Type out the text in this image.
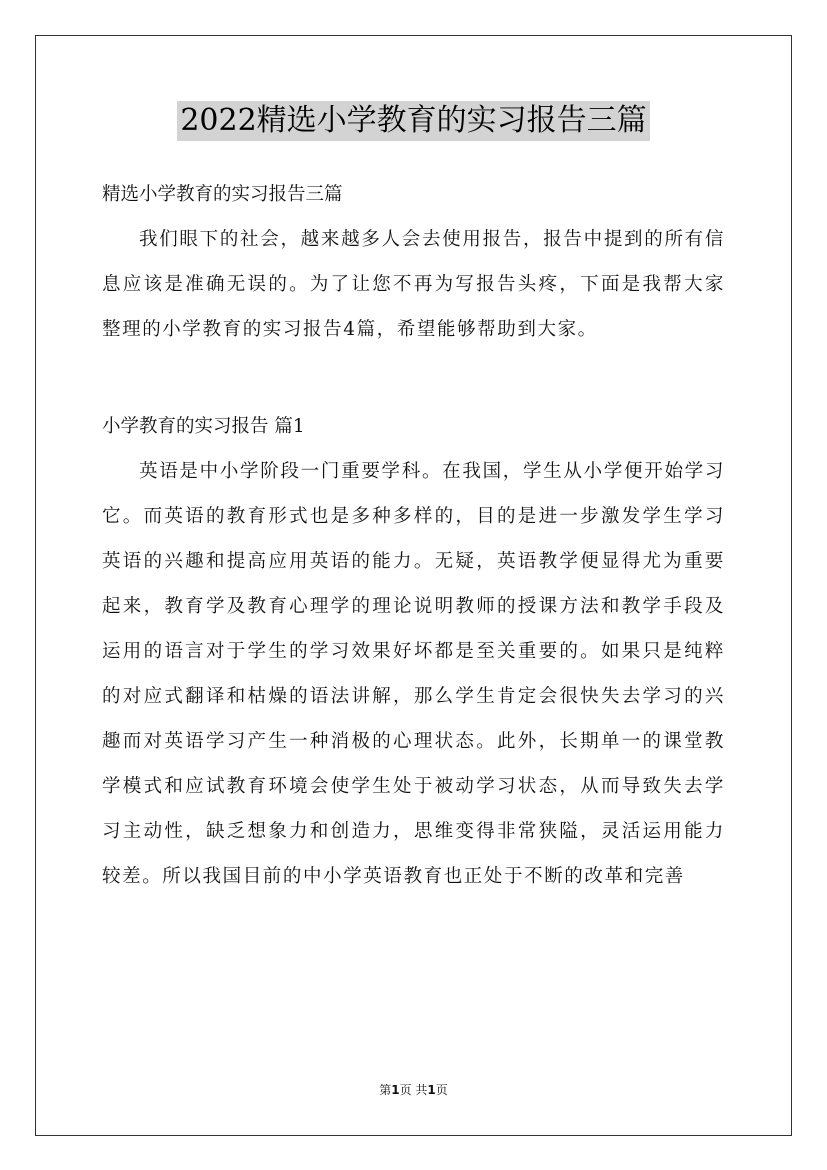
2022精选小学教育的实习报告三篇

精选小学教育的实习报告三篇

我们眼下的社会，越来越多人会去使用报告，报告中提到的所有信息应该是准确无误的。为了让您不再为写报告头疼，下面是我帮大家整理的小学教育的实习报告4篇，希望能够帮助到大家。

小学教育的实习报告 篇1

英语是中小学阶段一门重要学科。在我国，学生从小学便开始学习它。而英语的教育形式也是多种多样的，目的是进一步激发学生学习英语的兴趣和提高应用英语的能力。无疑，英语教学便显得尤为重要起来，教育学及教育心理学的理论说明教师的授课方法和教学手段及运用的语言对于学生的学习效果好坏都是至关重要的。如果只是纯粹的对应式翻译和枯燥的语法讲解，那么学生肯定会很快失去学习的兴趣而对英语学习产生一种消极的心理状态。此外，长期单一的课堂教学模式和应试教育环境会使学生处于被动学习状态，从而导致失去学习主动性，缺乏想象力和创造力，思维变得非常狭隘，灵活运用能力较差。所以我国目前的中小学英语教育也正处于不断的改革和完善

第1页 共1页
